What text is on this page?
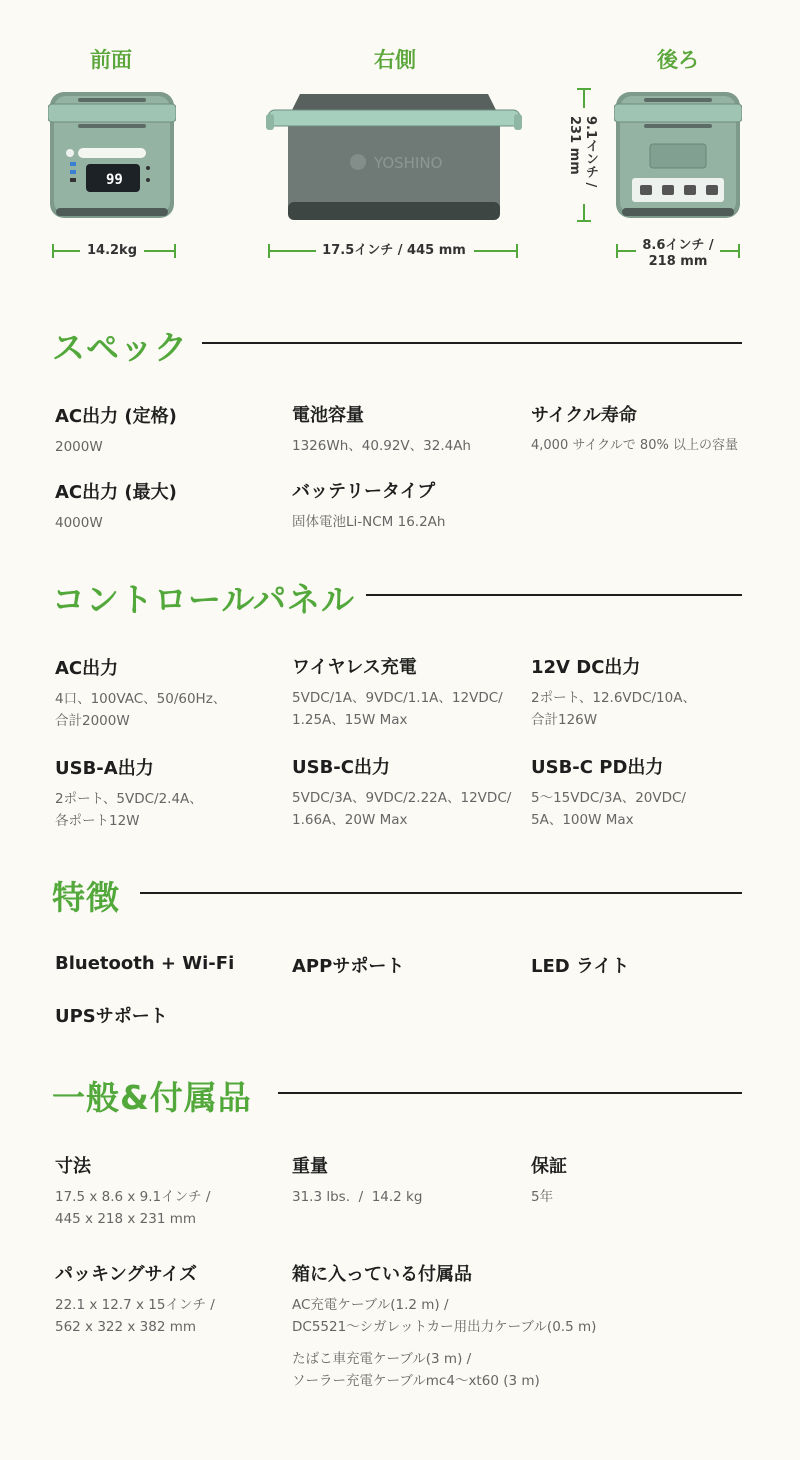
前面	右側	後ろ
99
YOSHINO
14.2kg	17.5インチ / 445 mm	8.6インチ /
218 mm
9.1インチ /
231 mm
スペック
AC出力 (定格)
2000W
電池容量
1326Wh、40.92V、32.4Ah
サイクル寿命
4,000 サイクルで 80% 以上の容量
AC出力 (最大)
4000W
バッテリータイプ
固体電池Li-NCM 16.2Ah
コントロールパネル
AC出力
4口、100VAC、50/60Hz、
合計2000W
ワイヤレス充電
5VDC/1A、9VDC/1.1A、12VDC/
1.25A、15W Max
12V DC出力
2ポート、12.6VDC/10A、
合計126W
USB-A出力
2ポート、5VDC/2.4A、
各ポート12W
USB-C出力
5VDC/3A、9VDC/2.22A、12VDC/
1.66A、20W Max
USB-C PD出力
5〜15VDC/3A、20VDC/
5A、100W Max
特徴
Bluetooth + Wi-Fi	APPサポート	LED ライト
UPSサポート
一般&付属品
寸法
17.5 x 8.6 x 9.1インチ /
445 x 218 x 231 mm
重量
31.3 lbs.  /  14.2 kg
保証
5年
パッキングサイズ
22.1 x 12.7 x 15インチ /
562 x 322 x 382 mm
箱に入っている付属品
AC充電ケーブル(1.2 m) /
DC5521〜シガレットカー用出力ケーブル(0.5 m)
たばこ車充電ケーブル(3 m) /
ソーラー充電ケーブルmc4〜xt60 (3 m)
